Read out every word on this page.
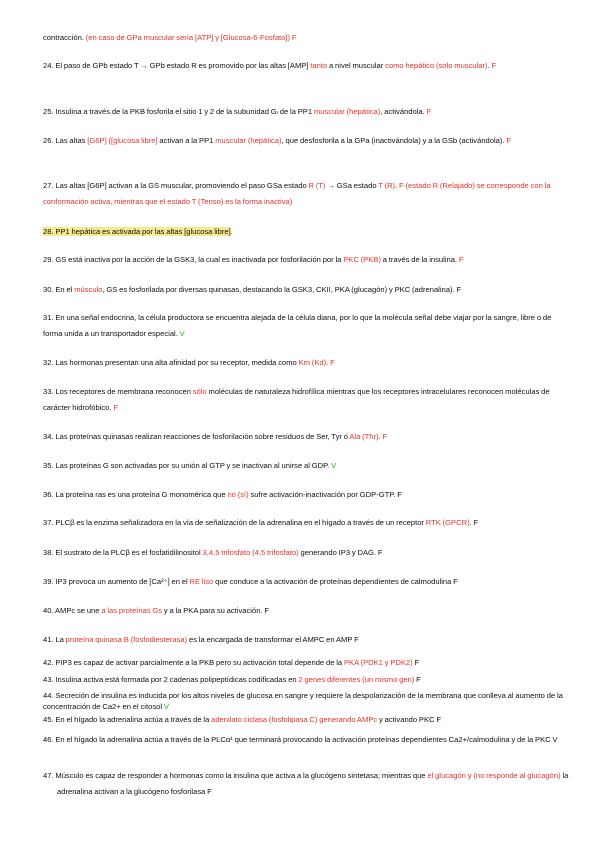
contracción. (en caso de GPa muscular sería [ATP] y [Glucosa-6-Fosfato]) F

24. El paso de GPb estado T → GPb estado R es promovido por las altas [AMP] tanto a nivel muscular como hepático (solo muscular). F

25. Insulina a través de la PKB fosforila el sitio 1 y 2 de la subunidad Gₗ de la PP1 muscular (hepática), activándola. F

26. Las altas [G6P] ([glucosa libre] activan a la PP1 muscular (hepática), que desfosforila a la GPa (inactivándola) y a la GSb (activándola). F

27. Las altas [G6P] activan a la GS muscular, promoviendo el paso GSa estado R (T) → GSa estado T (R). F (estado R (Relajado) se corresponde con la conformación activa, mientras que el estado T (Tenso) es la forma inactiva)

28. PP1 hepática es activada por las altas [glucosa libre].

29. GS está inactiva por la acción de la GSK3, la cual es inactivada por fosforilación por la PKC (PKB) a través de la insulina. F

30. En el músculo, GS es fosforilada por diversas quinasas, destacando la GSK3, CKII, PKA (glucagón) y PKC (adrenalina). F

31. En una señal endocrina, la célula productora se encuentra alejada de la célula diana, por lo que la molécula señal debe viajar por la sangre, libre o de forma unida a un transportador especial. V

32. Las hormonas presentan una alta afinidad por su receptor, medida como Km (Kd). F

33. Los receptores de membrana reconocen sólo moléculas de naturaleza hidrofílica mientras que los receptores intracelulares reconocen moléculas de carácter hidrofóbico. F

34. Las proteínas quinasas realizan reacciones de fosforilación sobre residuos de Ser, Tyr ó Ala (Thr). F

35. Las proteínas G son activadas por su unión al GTP y se inactivan al unirse al GDP. V

36. La proteína ras es una proteína G monomérica que no (sí) sufre activación-inactivación por GDP-GTP. F

37. PLCβ es la enzima señalizadora en la vía de señalización de la adrenalina en el hígado a través de un receptor RTK (GPCR). F

38. El sustrato de la PLCβ es el fosfatidilinositol 3,4,5 trifosfato (4,5 trifosfato) generando IP3 y DAG. F

39. IP3 provoca un aumento de [Ca²⁺] en el RE liso que conduce a la activación de proteínas dependientes de calmodulina F

40. AMPc se une a las proteínas Gs y a la PKA para su activación. F

41. La proteína quinasa B (fosfodiesterasa) es la encargada de transformar el AMPC en AMP F

42. PIP3 es capaz de activar parcialmente a la PKB pero su activación total depende de la PKA (PDK1 y PDK2) F

43. Insulina activa está formada por 2 cadenas polipeptídicas codificadas en 2 genes diferentes (un mismo gen) F

44. Secreción de insulina es inducida por los altos niveles de glucosa en sangre y requiere la despolarización de la membrana que conlleva al aumento de la concentración de Ca2+ en el citosol V

45. En el hígado la adrenalina actúa a través de la adenilato ciclasa (fosfolipasa C) generando AMPc y activando PKC F

46. En el hígado la adrenalina actúa a través de la PLCα¹ que terminará provocando la activación proteínas dependientes Ca2+/calmodulina y de la PKC V

47. Músculo es capaz de responder a hormonas como la insulina que activa a la glucógeno sintetasa; mientras que el glucagón y (no responde al glucagón) la adrenalina activan a la glucógeno fosforilasa F
